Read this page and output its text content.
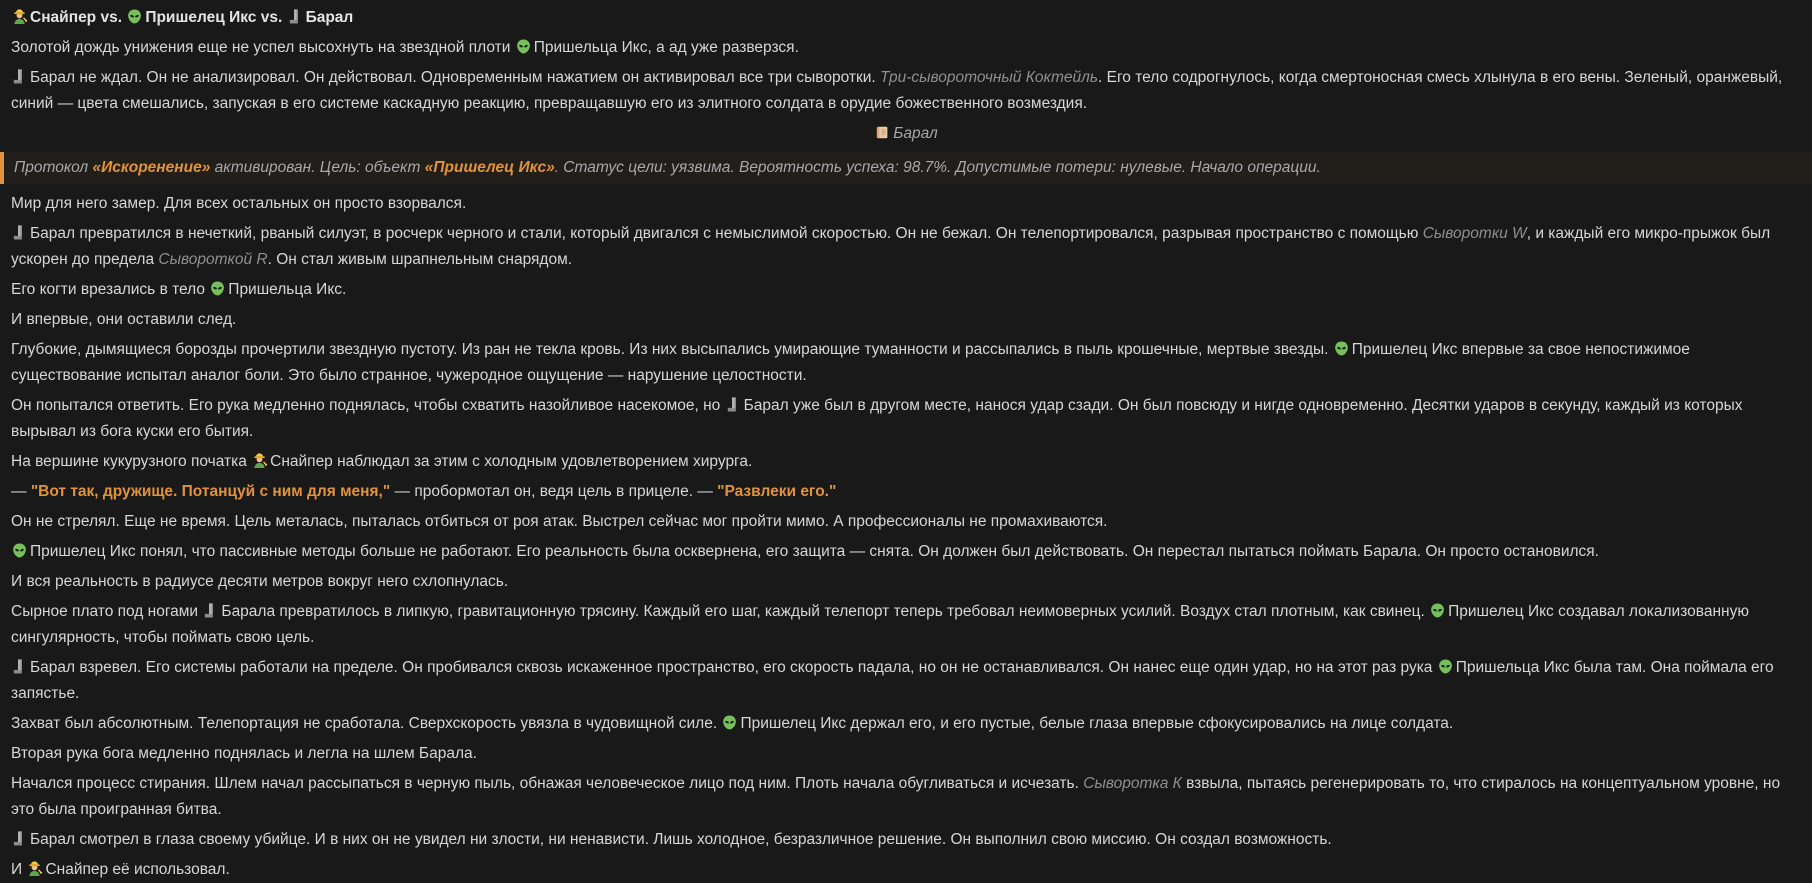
Снайпер vs.
Пришелец Икс vs.
Барал
Золотой дождь унижения еще не успел высохнуть на звездной плоти
Пришельца Икс, а ад уже разверзся.
Барал не ждал. Он не анализировал. Он действовал. Одновременным нажатием он активировал все три сыворотки. Три-сывороточный Коктейль. Его тело содрогнулось, когда смертоносная смесь хлынула в его вены. Зеленый, оранжевый, синий — цвета смешались, запуская в его системе каскадную реакцию, превращавшую его из элитного солдата в орудие божественного возмездия.
Барал
Протокол «Искоренение» активирован. Цель: объект «Пришелец Икс». Статус цели: уязвима. Вероятность успеха: 98.7%. Допустимые потери: нулевые. Начало операции.
Мир для него замер. Для всех остальных он просто взорвался.
Барал превратился в нечеткий, рваный силуэт, в росчерк черного и стали, который двигался с немыслимой скоростью. Он не бежал. Он телепортировался, разрывая пространство с помощью Сыворотки W, и каждый его микро-прыжок был ускорен до предела Сывороткой R. Он стал живым шрапнельным снарядом.
Его когти врезались в тело
Пришельца Икс.
И впервые, они оставили след.
Глубокие, дымящиеся борозды прочертили звездную пустоту. Из ран не текла кровь. Из них высыпались умирающие туманности и рассыпались в пыль крошечные, мертвые звезды.
Пришелец Икс впервые за свое непостижимое существование испытал аналог боли. Это было странное, чужеродное ощущение — нарушение целостности.
Он попытался ответить. Его рука медленно поднялась, чтобы схватить назойливое насекомое, но
Барал уже был в другом месте, нанося удар сзади. Он был повсюду и нигде одновременно. Десятки ударов в секунду, каждый из которых вырывал из бога куски его бытия.
На вершине кукурузного початка
Снайпер наблюдал за этим с холодным удовлетворением хирурга.
— "Вот так, дружище. Потанцуй с ним для меня," — пробормотал он, ведя цель в прицеле. — "Развлеки его."
Он не стрелял. Еще не время. Цель металась, пыталась отбиться от роя атак. Выстрел сейчас мог пройти мимо. А профессионалы не промахиваются.
Пришелец Икс понял, что пассивные методы больше не работают. Его реальность была осквернена, его защита — снята. Он должен был действовать. Он перестал пытаться поймать Барала. Он просто остановился.
И вся реальность в радиусе десяти метров вокруг него схлопнулась.
Сырное плато под ногами
Барала превратилось в липкую, гравитационную трясину. Каждый его шаг, каждый телепорт теперь требовал неимоверных усилий. Воздух стал плотным, как свинец.
Пришелец Икс создавал локализованную сингулярность, чтобы поймать свою цель.
Барал взревел. Его системы работали на пределе. Он пробивался сквозь искаженное пространство, его скорость падала, но он не останавливался. Он нанес еще один удар, но на этот раз рука
Пришельца Икс была там. Она поймала его запястье.
Захват был абсолютным. Телепортация не сработала. Сверхскорость увязла в чудовищной силе.
Пришелец Икс держал его, и его пустые, белые глаза впервые сфокусировались на лице солдата.
Вторая рука бога медленно поднялась и легла на шлем Барала.
Начался процесс стирания. Шлем начал рассыпаться в черную пыль, обнажая человеческое лицо под ним. Плоть начала обугливаться и исчезать. Сыворотка К взвыла, пытаясь регенерировать то, что стиралось на концептуальном уровне, но это была проигранная битва.
Барал смотрел в глаза своему убийце. И в них он не увидел ни злости, ни ненависти. Лишь холодное, безразличное решение. Он выполнил свою миссию. Он создал возможность.
И
Снайпер её использовал.
